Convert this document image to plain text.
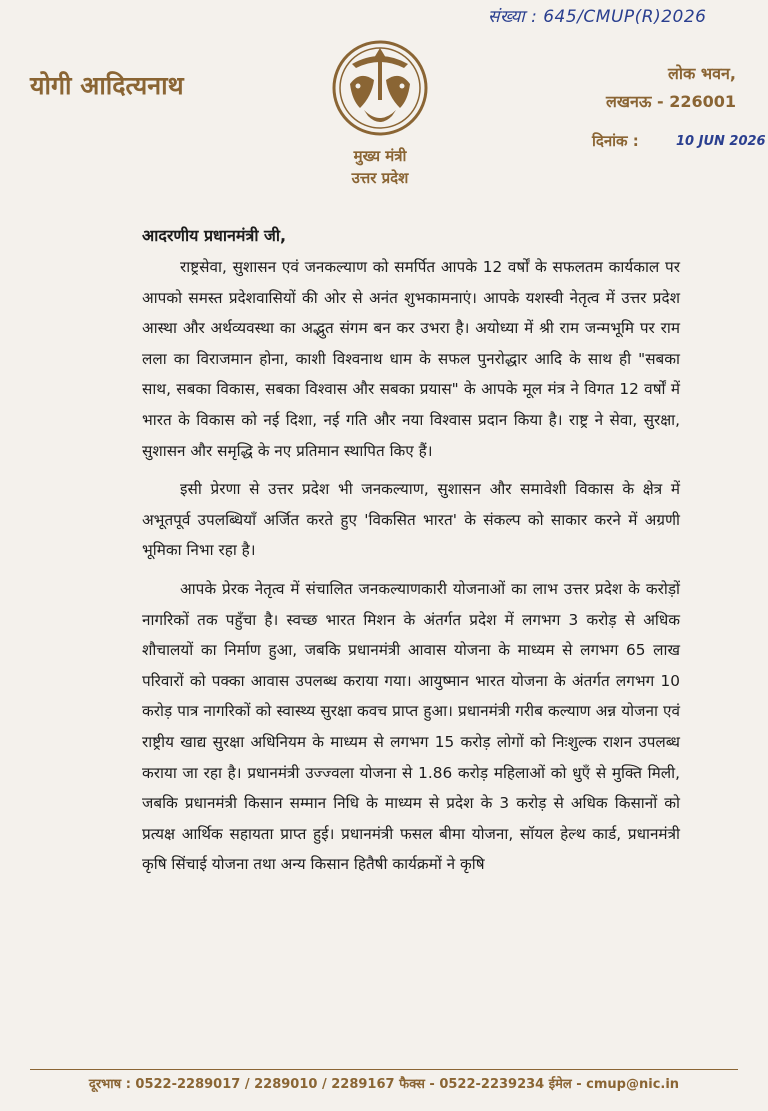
संख्या : 645/CMUP(R)2026
योगी आदित्यनाथ
मुख्य मंत्री
उत्तर प्रदेश
लोक भवन,
लखनऊ - 226001
दिनांक :	10 JUN 2026

आदरणीय प्रधानमंत्री जी,

राष्ट्रसेवा, सुशासन एवं जनकल्याण को समर्पित आपके 12 वर्षों के सफलतम कार्यकाल पर आपको समस्त प्रदेशवासियों की ओर से अनंत शुभकामनाएं। आपके यशस्वी नेतृत्व में उत्तर प्रदेश आस्था और अर्थव्यवस्था का अद्भुत संगम बन कर उभरा है। अयोध्या में श्री राम जन्मभूमि पर राम लला का विराजमान होना, काशी विश्वनाथ धाम के सफल पुनरोद्धार आदि के साथ ही "सबका साथ, सबका विकास, सबका विश्वास और सबका प्रयास" के आपके मूल मंत्र ने विगत 12 वर्षों में भारत के विकास को नई दिशा, नई गति और नया विश्वास प्रदान किया है। राष्ट्र ने सेवा, सुरक्षा, सुशासन और समृद्धि के नए प्रतिमान स्थापित किए हैं।

इसी प्रेरणा से उत्तर प्रदेश भी जनकल्याण, सुशासन और समावेशी विकास के क्षेत्र में अभूतपूर्व उपलब्धियाँ अर्जित करते हुए 'विकसित भारत' के संकल्प को साकार करने में अग्रणी भूमिका निभा रहा है।

आपके प्रेरक नेतृत्व में संचालित जनकल्याणकारी योजनाओं का लाभ उत्तर प्रदेश के करोड़ों नागरिकों तक पहुँचा है। स्वच्छ भारत मिशन के अंतर्गत प्रदेश में लगभग 3 करोड़ से अधिक शौचालयों का निर्माण हुआ, जबकि प्रधानमंत्री आवास योजना के माध्यम से लगभग 65 लाख परिवारों को पक्का आवास उपलब्ध कराया गया। आयुष्मान भारत योजना के अंतर्गत लगभग 10 करोड़ पात्र नागरिकों को स्वास्थ्य सुरक्षा कवच प्राप्त हुआ। प्रधानमंत्री गरीब कल्याण अन्न योजना एवं राष्ट्रीय खाद्य सुरक्षा अधिनियम के माध्यम से लगभग 15 करोड़ लोगों को निःशुल्क राशन उपलब्ध कराया जा रहा है। प्रधानमंत्री उज्ज्वला योजना से 1.86 करोड़ महिलाओं को धुएँ से मुक्ति मिली, जबकि प्रधानमंत्री किसान सम्मान निधि के माध्यम से प्रदेश के 3 करोड़ से अधिक किसानों को प्रत्यक्ष आर्थिक सहायता प्राप्त हुई। प्रधानमंत्री फसल बीमा योजना, सॉयल हेल्थ कार्ड, प्रधानमंत्री कृषि सिंचाई योजना तथा अन्य किसान हितैषी कार्यक्रमों ने कृषि

दूरभाष : 0522-2289017 / 2289010 / 2289167 फैक्स - 0522-2239234 ईमेल - cmup@nic.in
